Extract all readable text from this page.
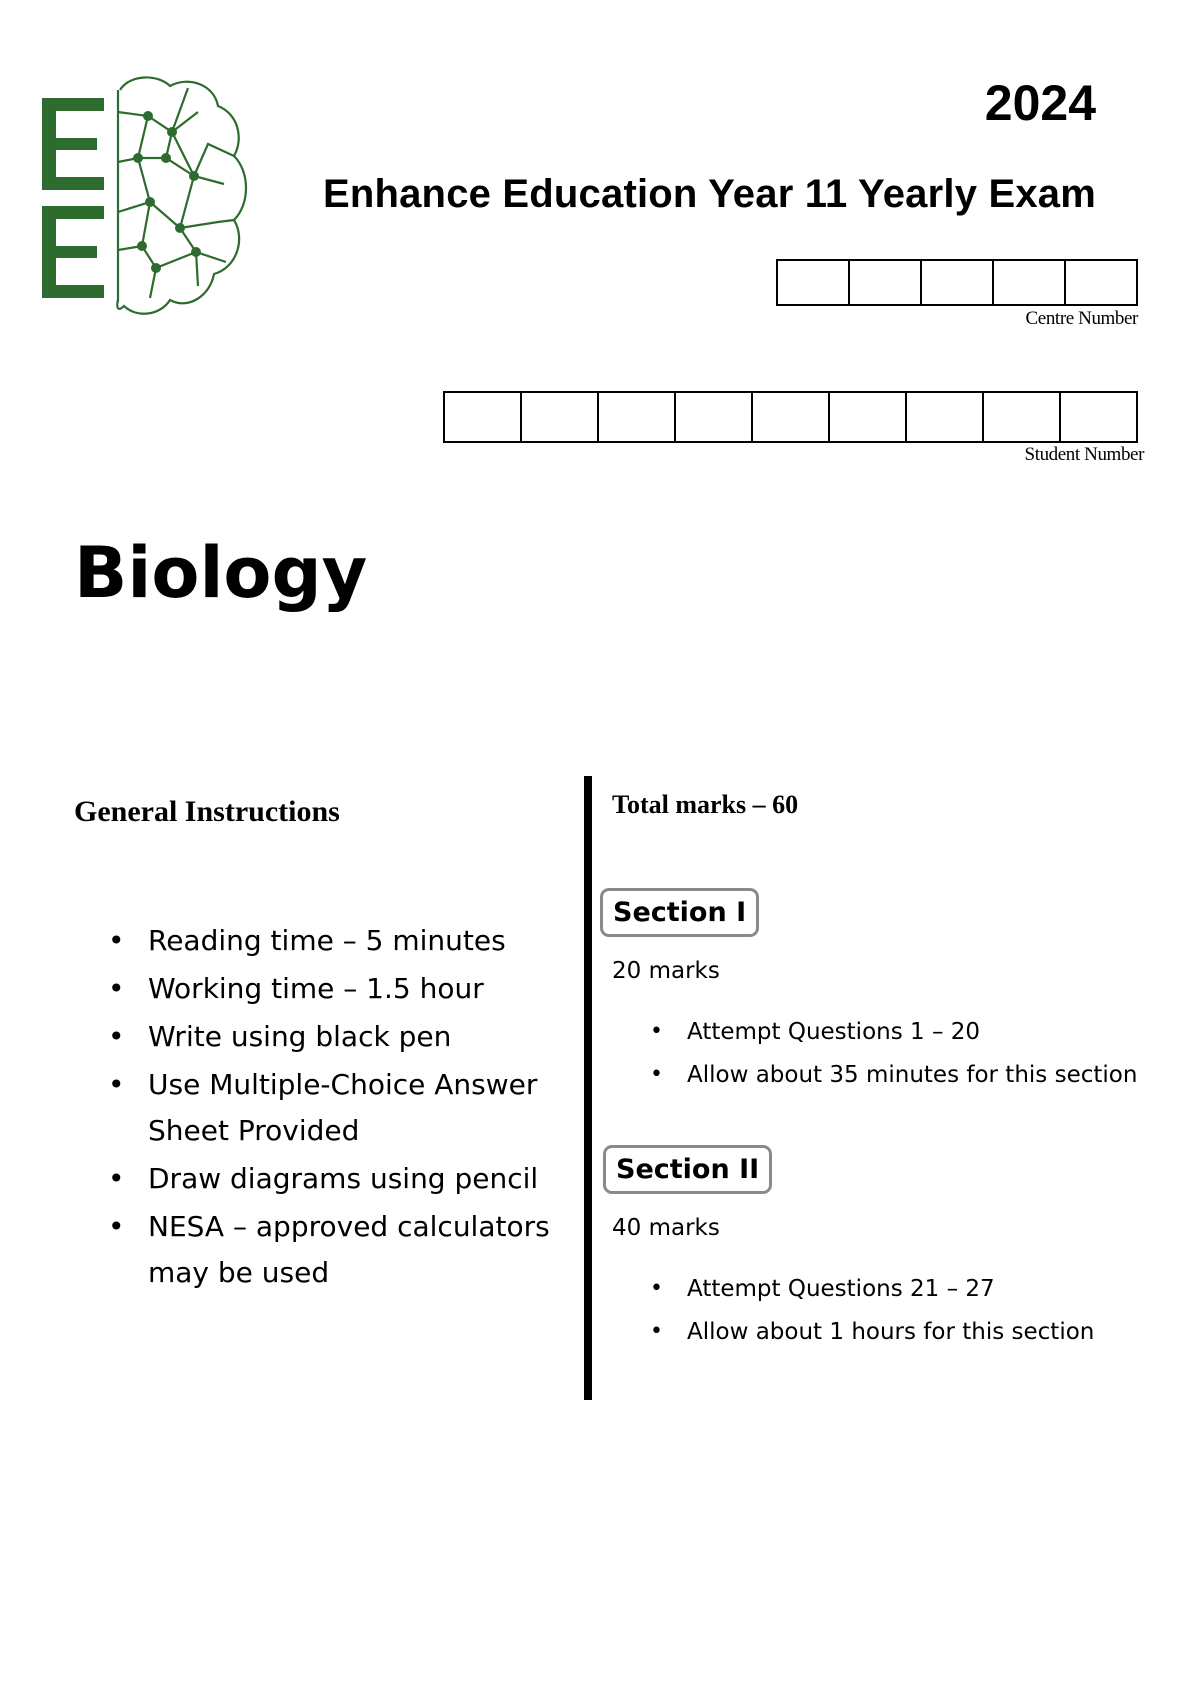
2024
Enhance Education Year 11 Yearly Exam
Centre Number
Student Number
Biology
General Instructions
• Reading time – 5 minutes
• Working time – 1.5 hour
• Write using black pen
• Use Multiple-Choice Answer Sheet Provided
• Draw diagrams using pencil
• NESA – approved calculators may be used
Total marks – 60
Section I
20 marks
• Attempt Questions 1 – 20
• Allow about 35 minutes for this section
Section II
40 marks
• Attempt Questions 21 – 27
• Allow about 1 hours for this section
